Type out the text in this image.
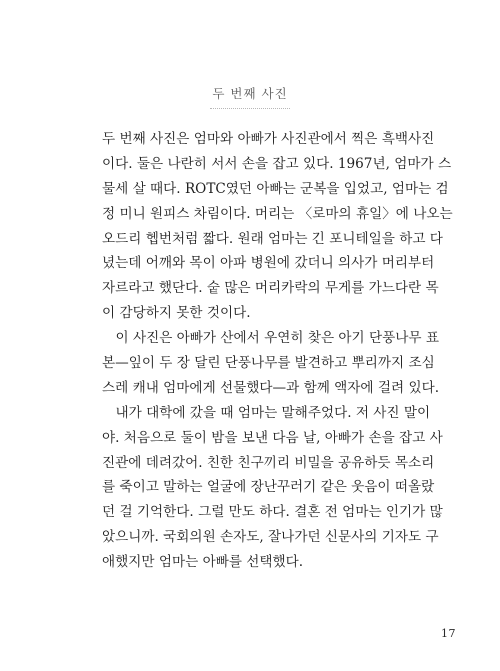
두 번째 사진
두 번째 사진은 엄마와 아빠가 사진관에서 찍은 흑백사진
이다. 둘은 나란히 서서 손을 잡고 있다. 1967년, 엄마가 스
물세 살 때다. ROTC였던 아빠는 군복을 입었고, 엄마는 검
정 미니 원피스 차림이다. 머리는 〈로마의 휴일〉에 나오는
오드리 헵번처럼 짧다. 원래 엄마는 긴 포니테일을 하고 다
녔는데 어깨와 목이 아파 병원에 갔더니 의사가 머리부터
자르라고 했단다. 숱 많은 머리카락의 무게를 가느다란 목
이 감당하지 못한 것이다.
이 사진은 아빠가 산에서 우연히 찾은 아기 단풍나무 표
본—잎이 두 장 달린 단풍나무를 발견하고 뿌리까지 조심
스레 캐내 엄마에게 선물했다—과 함께 액자에 걸려 있다.
내가 대학에 갔을 때 엄마는 말해주었다. 저 사진 말이
야. 처음으로 둘이 밤을 보낸 다음 날, 아빠가 손을 잡고 사
진관에 데려갔어. 친한 친구끼리 비밀을 공유하듯 목소리
를 죽이고 말하는 얼굴에 장난꾸러기 같은 웃음이 떠올랐
던 걸 기억한다. 그럴 만도 하다. 결혼 전 엄마는 인기가 많
았으니까. 국회의원 손자도, 잘나가던 신문사의 기자도 구
애했지만 엄마는 아빠를 선택했다.
17
